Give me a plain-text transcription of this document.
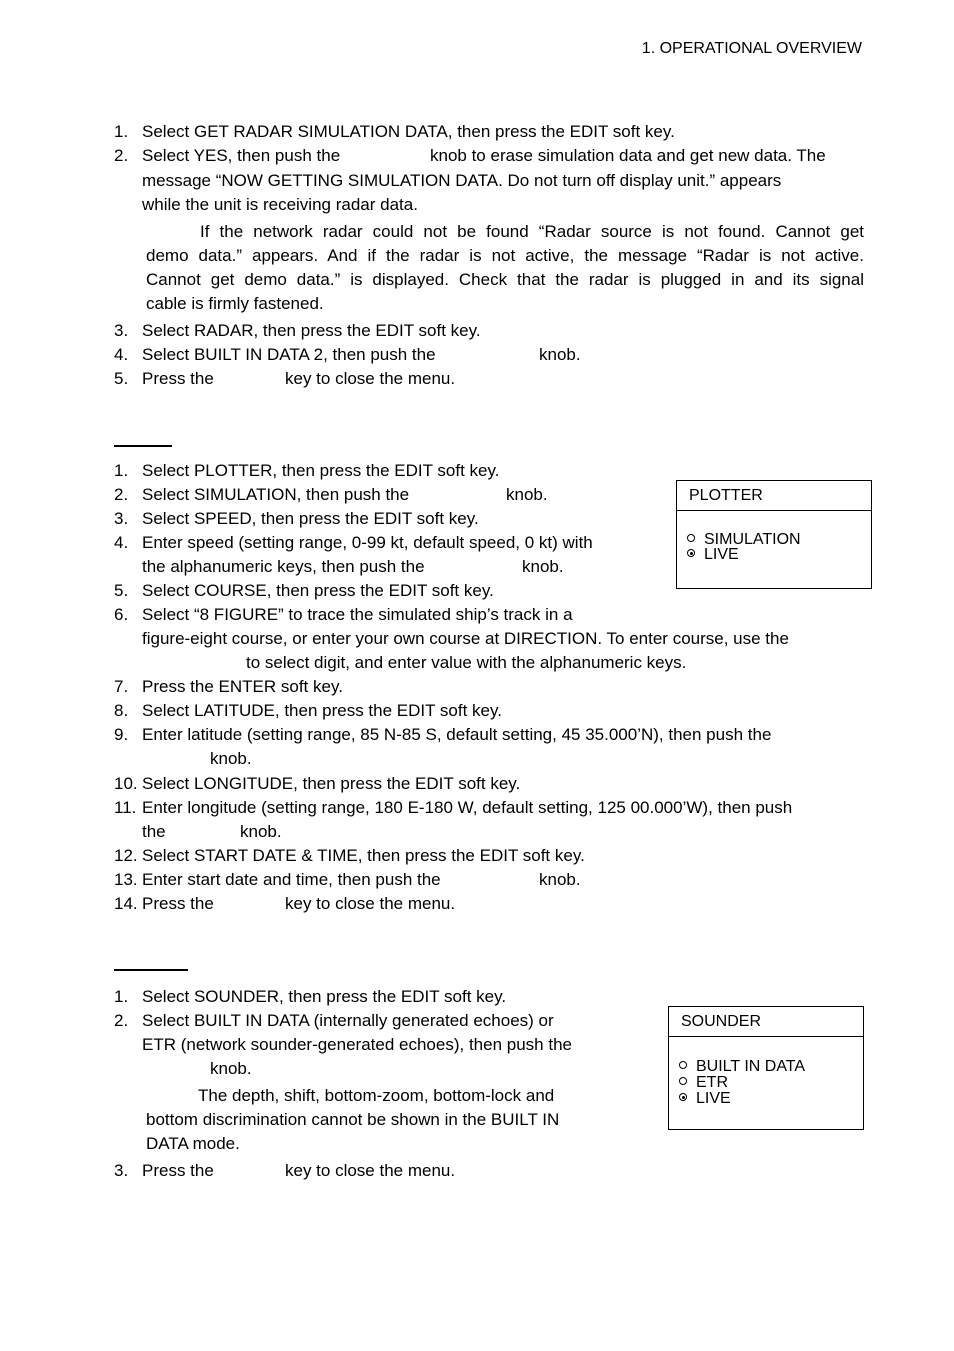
1. OPERATIONAL OVERVIEW
1. Select GET RADAR SIMULATION DATA, then press the EDIT soft key.
2. Select YES, then push the	knob to erase simulation data and get new data. The
message “NOW GETTING SIMULATION DATA. Do not turn off display unit.” appears
while the unit is receiving radar data.
If the network radar could not be found “Radar source is not found. Cannot get
demo data.” appears. And if the radar is not active, the message “Radar is not active.
Cannot get demo data.” is displayed. Check that the radar is plugged in and its signal
cable is firmly fastened.
3. Select RADAR, then press the EDIT soft key.
4. Select BUILT IN DATA 2, then push the	knob.
5. Press the	key to close the menu.
1. Select PLOTTER, then press the EDIT soft key.
2. Select SIMULATION, then push the	knob.
3. Select SPEED, then press the EDIT soft key.
4. Enter speed (setting range, 0-99 kt, default speed, 0 kt) with
the alphanumeric keys, then push the	knob.
5. Select COURSE, then press the EDIT soft key.
6. Select “8 FIGURE” to trace the simulated ship’s track in a
figure-eight course, or enter your own course at DIRECTION. To enter course, use the
to select digit, and enter value with the alphanumeric keys.
7. Press the ENTER soft key.
8. Select LATITUDE, then press the EDIT soft key.
9. Enter latitude (setting range, 85 N-85 S, default setting, 45 35.000’N), then push the
knob.
10. Select LONGITUDE, then press the EDIT soft key.
11. Enter longitude (setting range, 180 E-180 W, default setting, 125 00.000’W), then push
the	knob.
12. Select START DATE & TIME, then press the EDIT soft key.
13. Enter start date and time, then push the	knob.
14. Press the	key to close the menu.
PLOTTER
SIMULATION
LIVE
1. Select SOUNDER, then press the EDIT soft key.
2. Select BUILT IN DATA (internally generated echoes) or
ETR (network sounder-generated echoes), then push the
knob.
The depth, shift, bottom-zoom, bottom-lock and
bottom discrimination cannot be shown in the BUILT IN
DATA mode.
3. Press the	key to close the menu.
SOUNDER
BUILT IN DATA
ETR
LIVE
